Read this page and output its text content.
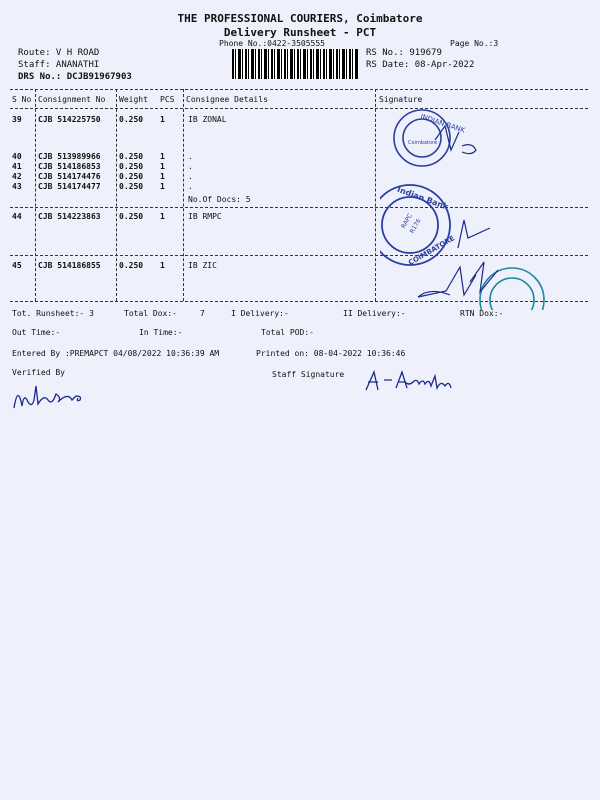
THE PROFESSIONAL COURIERS, Coimbatore
Delivery Runsheet - PCT
Phone No.:0422-3505555	Page No.:3
Route: V H ROAD
Staff: ANANATHI
DRS No.: DCJB91967903
RS No.: 919679
RS Date: 08-Apr-2022
S No Consignment No Weight PCS Consignee Details	Signature
39 CJB 514225750 0.250 1	IB ZONAL
40 CJB 513989966 0.250 1	.
41 CJB 514186853 0.250 1	.
42 CJB 514174476 0.250 1	.
43 CJB 514174477 0.250 1	.
No.Of Docs: 5
44 CJB 514223863 0.250 1	IB RMPC
45 CJB 514186855 0.250 1	IB ZIC
INDIAN BANK
Coimbatore
Indian Bank
RAPC
R176
COIMBATORE
Tot. Runsheet:- 3	Total Dox:-	7	I Delivery:-	II Delivery:-	RTN Dox:-
Out Time:-	In Time:-	Total POD:-
Entered By :PREMAPCT 04/08/2022 10:36:39 AM	Printed on: 08-04-2022 10:36:46
Verified By	Staff Signature
